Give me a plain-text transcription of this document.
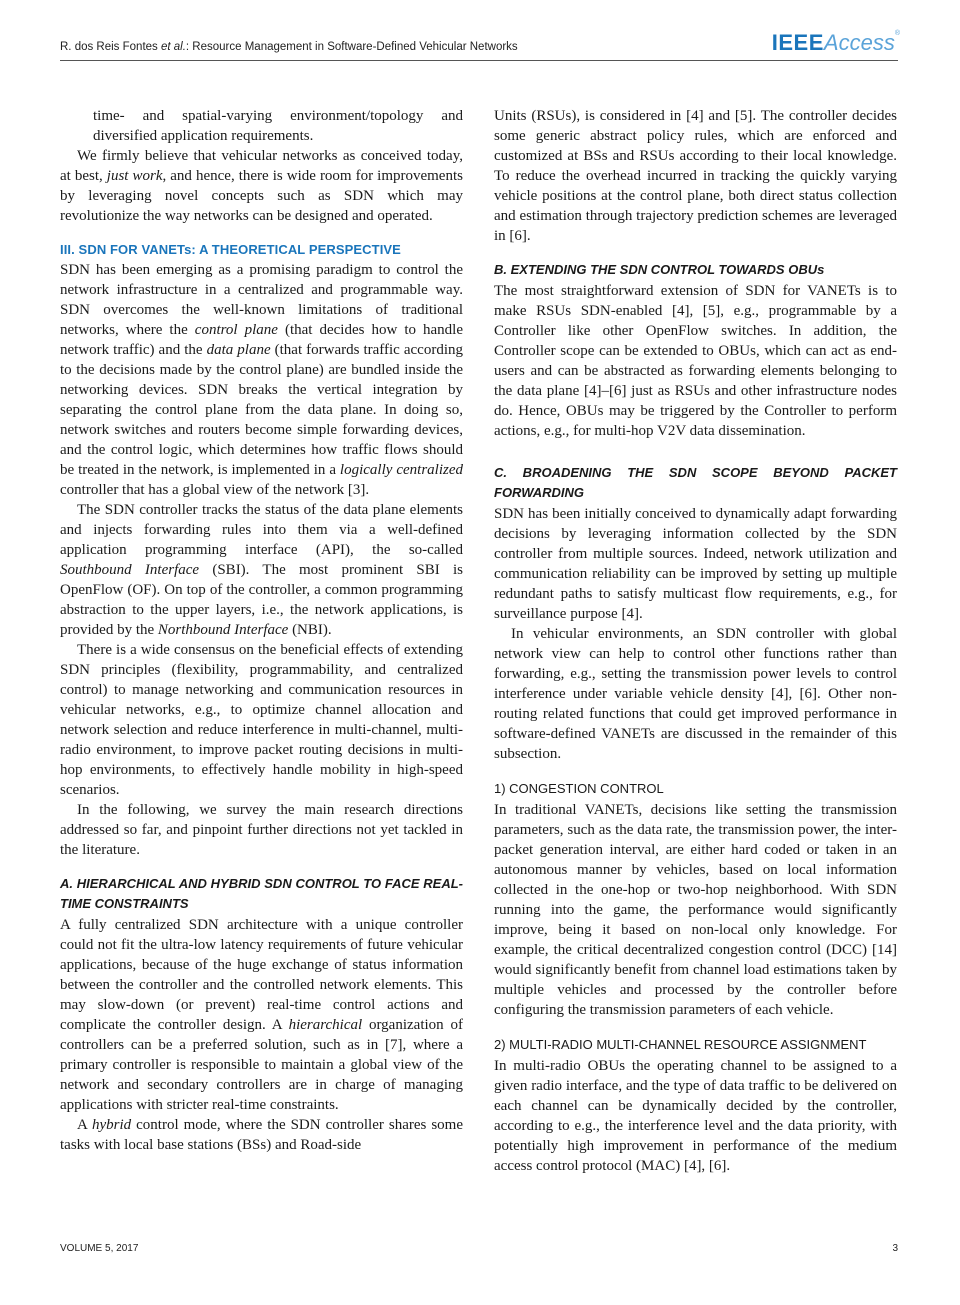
R. dos Reis Fontes et al.: Resource Management in Software-Defined Vehicular Networks	IEEEAccess®

time- and spatial-varying environment/topology and diversified application requirements.

We firmly believe that vehicular networks as conceived today, at best, just work, and hence, there is wide room for improvements by leveraging novel concepts such as SDN which may revolutionize the way networks can be designed and operated.

III. SDN FOR VANETs: A THEORETICAL PERSPECTIVE

SDN has been emerging as a promising paradigm to control the network infrastructure in a centralized and programmable way. SDN overcomes the well-known limitations of traditional networks, where the control plane (that decides how to handle network traffic) and the data plane (that forwards traffic according to the decisions made by the control plane) are bundled inside the networking devices. SDN breaks the vertical integration by separating the control plane from the data plane. In doing so, network switches and routers become simple forwarding devices, and the control logic, which determines how traffic flows should be treated in the network, is implemented in a logically centralized controller that has a global view of the network [3].

The SDN controller tracks the status of the data plane elements and injects forwarding rules into them via a well-defined application programming interface (API), the so-called Southbound Interface (SBI). The most prominent SBI is OpenFlow (OF). On top of the controller, a common programming abstraction to the upper layers, i.e., the network applications, is provided by the Northbound Interface (NBI).

There is a wide consensus on the beneficial effects of extending SDN principles (flexibility, programmability, and centralized control) to manage networking and communication resources in vehicular networks, e.g., to optimize channel allocation and network selection and reduce interference in multi-channel, multi-radio environment, to improve packet routing decisions in multi-hop environments, to effectively handle mobility in high-speed scenarios.

In the following, we survey the main research directions addressed so far, and pinpoint further directions not yet tackled in the literature.

A. HIERARCHICAL AND HYBRID SDN CONTROL TO FACE REAL-TIME CONSTRAINTS

A fully centralized SDN architecture with a unique controller could not fit the ultra-low latency requirements of future vehicular applications, because of the huge exchange of status information between the controller and the controlled network elements. This may slow-down (or prevent) real-time control actions and complicate the controller design. A hierarchical organization of controllers can be a preferred solution, such as in [7], where a primary controller is responsible to maintain a global view of the network and secondary controllers are in charge of managing applications with stricter real-time constraints.

A hybrid control mode, where the SDN controller shares some tasks with local base stations (BSs) and Road-side

Units (RSUs), is considered in [4] and [5]. The controller decides some generic abstract policy rules, which are enforced and customized at BSs and RSUs according to their local knowledge. To reduce the overhead incurred in tracking the quickly varying vehicle positions at the control plane, both direct status collection and estimation through trajectory prediction schemes are leveraged in [6].

B. EXTENDING THE SDN CONTROL TOWARDS OBUs

The most straightforward extension of SDN for VANETs is to make RSUs SDN-enabled [4], [5], e.g., programmable by a Controller like other OpenFlow switches. In addition, the Controller scope can be extended to OBUs, which can act as end-users and can be abstracted as forwarding elements belonging to the data plane [4]–[6] just as RSUs and other infrastructure nodes do. Hence, OBUs may be triggered by the Controller to perform actions, e.g., for multi-hop V2V data dissemination.

C. BROADENING THE SDN SCOPE BEYOND PACKET FORWARDING

SDN has been initially conceived to dynamically adapt forwarding decisions by leveraging information collected by the SDN controller from multiple sources. Indeed, network utilization and communication reliability can be improved by setting up multiple redundant paths to satisfy multicast flow requirements, e.g., for surveillance purpose [4].

In vehicular environments, an SDN controller with global network view can help to control other functions rather than forwarding, e.g., setting the transmission power levels to control interference under variable vehicle density [4], [6]. Other non-routing related functions that could get improved performance in software-defined VANETs are discussed in the remainder of this subsection.

1) CONGESTION CONTROL

In traditional VANETs, decisions like setting the transmission parameters, such as the data rate, the transmission power, the inter-packet generation interval, are either hard coded or taken in an autonomous manner by vehicles, based on local information collected in the one-hop or two-hop neighborhood. With SDN running into the game, the performance would significantly improve, being it based on non-local only knowledge. For example, the critical decentralized congestion control (DCC) [14] would significantly benefit from channel load estimations taken by multiple vehicles and processed by the controller before configuring the transmission parameters of each vehicle.

2) MULTI-RADIO MULTI-CHANNEL RESOURCE ASSIGNMENT

In multi-radio OBUs the operating channel to be assigned to a given radio interface, and the type of data traffic to be delivered on each channel can be dynamically decided by the controller, according to e.g., the interference level and the data priority, with potentially high improvement in performance of the medium access control protocol (MAC) [4], [6].

VOLUME 5, 2017	3
